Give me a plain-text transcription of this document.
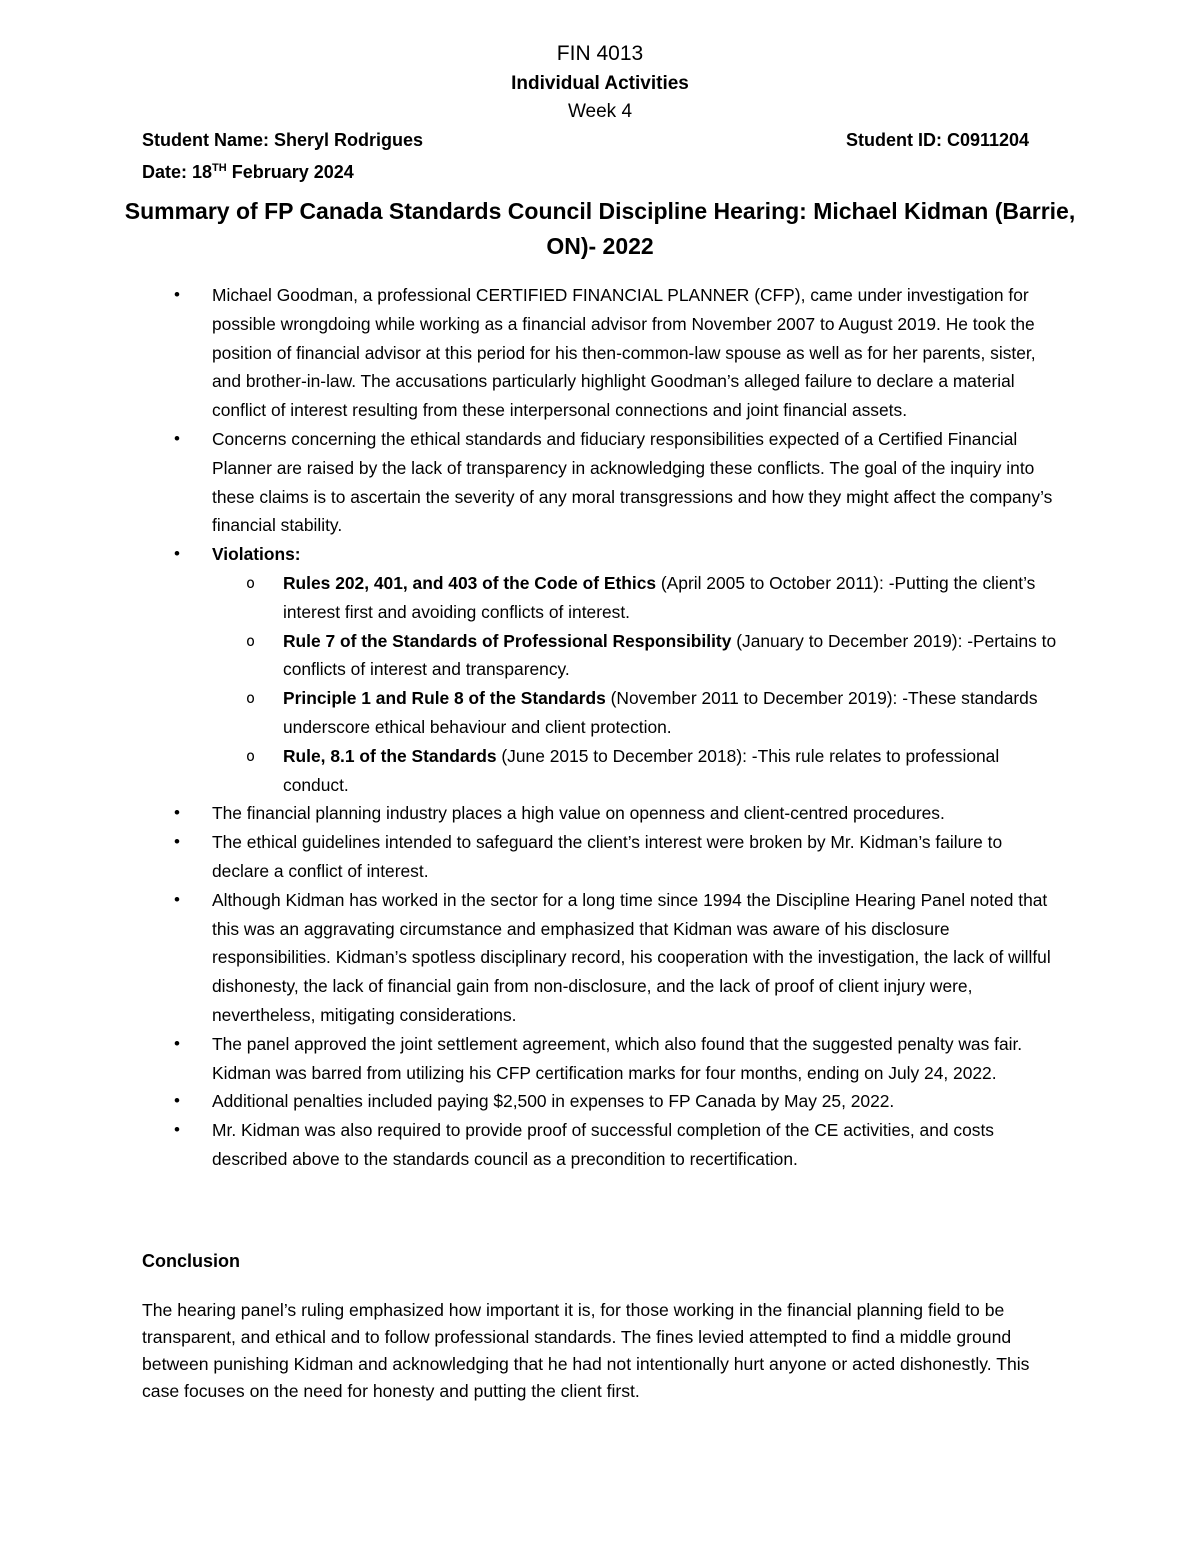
FIN 4013
Individual Activities
Week 4
Student Name: Sheryl Rodrigues	Student ID: C0911204
Date: 18TH February 2024
Summary of FP Canada Standards Council Discipline Hearing: Michael Kidman (Barrie, ON)- 2022
• Michael Goodman, a professional CERTIFIED FINANCIAL PLANNER (CFP), came under investigation for possible wrongdoing while working as a financial advisor from November 2007 to August 2019. He took the position of financial advisor at this period for his then-common-law spouse as well as for her parents, sister, and brother-in-law. The accusations particularly highlight Goodman’s alleged failure to declare a material conflict of interest resulting from these interpersonal connections and joint financial assets.
• Concerns concerning the ethical standards and fiduciary responsibilities expected of a Certified Financial Planner are raised by the lack of transparency in acknowledging these conflicts. The goal of the inquiry into these claims is to ascertain the severity of any moral transgressions and how they might affect the company’s financial stability.
• Violations:
o Rules 202, 401, and 403 of the Code of Ethics (April 2005 to October 2011): -Putting the client’s interest first and avoiding conflicts of interest.
o Rule 7 of the Standards of Professional Responsibility (January to December 2019): -Pertains to conflicts of interest and transparency.
o Principle 1 and Rule 8 of the Standards (November 2011 to December 2019): -These standards underscore ethical behaviour and client protection.
o Rule, 8.1 of the Standards (June 2015 to December 2018): -This rule relates to professional conduct.
• The financial planning industry places a high value on openness and client-centred procedures.
• The ethical guidelines intended to safeguard the client’s interest were broken by Mr. Kidman’s failure to declare a conflict of interest.
• Although Kidman has worked in the sector for a long time since 1994 the Discipline Hearing Panel noted that this was an aggravating circumstance and emphasized that Kidman was aware of his disclosure responsibilities. Kidman’s spotless disciplinary record, his cooperation with the investigation, the lack of willful dishonesty, the lack of financial gain from non-disclosure, and the lack of proof of client injury were, nevertheless, mitigating considerations.
• The panel approved the joint settlement agreement, which also found that the suggested penalty was fair. Kidman was barred from utilizing his CFP certification marks for four months, ending on July 24, 2022.
• Additional penalties included paying $2,500 in expenses to FP Canada by May 25, 2022.
• Mr. Kidman was also required to provide proof of successful completion of the CE activities, and costs described above to the standards council as a precondition to recertification.
Conclusion
The hearing panel’s ruling emphasized how important it is, for those working in the financial planning field to be transparent, and ethical and to follow professional standards. The fines levied attempted to find a middle ground between punishing Kidman and acknowledging that he had not intentionally hurt anyone or acted dishonestly. This case focuses on the need for honesty and putting the client first.
